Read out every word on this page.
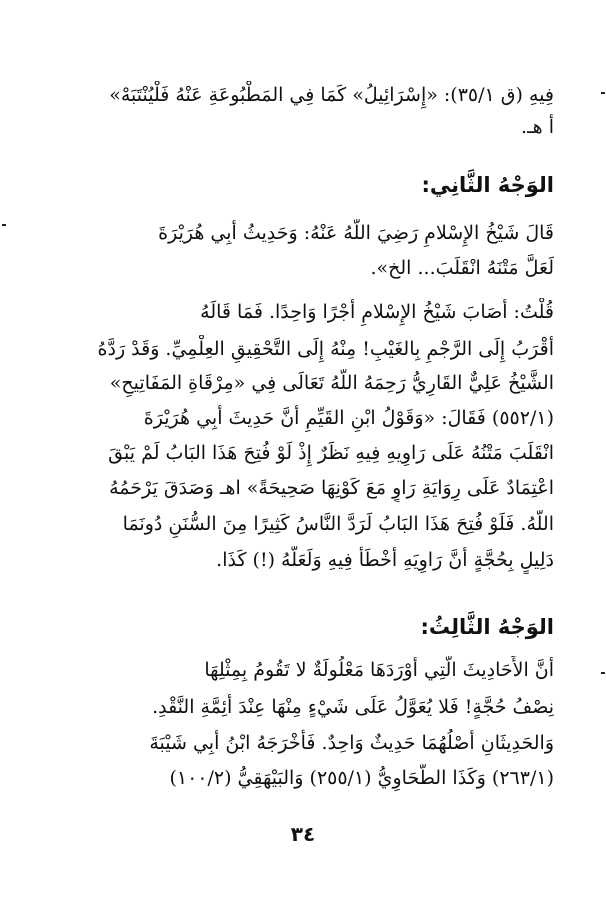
فِيهِ (ق ٣٥/١): «إِسْرَائِيلُ» كَمَا فِي المَطْبُوعَةِ عَنْهُ فَلْيُنْتَبَهْ»
أ هـ.
الوَجْهُ الثَّانِي:
قَالَ شَيْخُ الإِسْلامِ رَضِيَ اللَّهُ عَنْهُ: وَحَدِيثُ أَبِي هُرَيْرَةَ
لَعَلَّ مَتْنَهُ انْقَلَبَ... الخ».
قُلْتُ: أَصَابَ شَيْخُ الإِسْلامِ أَجْرًا وَاحِدًا. فَمَا قَالَهُ
أَقْرَبُ إِلَى الرَّجْمِ بِالغَيْبِ! مِنْهُ إِلَى التَّحْقِيقِ العِلْمِيِّ. وَقَدْ رَدَّهُ
الشَّيْخُ عَلِيٌّ القَارِيُّ رَحِمَهُ اللَّهُ تَعَالَى فِي «مِرْقَاةِ المَفَاتِيحِ»
(٥٥٢/١) فَقَالَ: «وَقَوْلُ ابْنِ القَيِّمِ أَنَّ حَدِيثَ أَبِي هُرَيْرَةَ
انْقَلَبَ مَتْنُهُ عَلَى رَاوِيهِ فِيهِ نَظَرٌ إِذْ لَوْ فُتِحَ هَذَا البَابُ لَمْ يَبْقَ
اعْتِمَادٌ عَلَى رِوَايَةِ رَاوٍ مَعَ كَوْنِهَا صَحِيحَةً» اهـ وَصَدَقَ يَرْحَمُهُ
اللَّهُ. فَلَوْ فُتِحَ هَذَا البَابُ لَرَدَّ النَّاسُ كَثِيرًا مِنَ السُّنَنِ دُونَمَا
دَلِيلٍ بِحُجَّةٍ أَنَّ رَاوِيَهِ أَخْطَأَ فِيهِ وَلَعَلَّهُ (!) كَذَا.
الوَجْهُ الثَّالِثُ:
أَنَّ الأَحَادِيثَ الَّتِي أَوْرَدَهَا مَعْلُولَةٌ لا تَقُومُ بِمِثْلِهَا
نِصْفُ حُجَّةٍ! فَلا يُعَوَّلُ عَلَى شَيْءٍ مِنْهَا عِنْدَ أَئِمَّةِ النَّقْدِ.
وَالحَدِيثَانِ أَصْلُهُمَا حَدِيثٌ وَاحِدٌ. فَأَخْرَجَهُ ابْنُ أَبِي شَيْبَةَ
(٢٦٣/١) وَكَذَا الطَّحَاوِيُّ (٢٥٥/١) وَالبَيْهَقِيُّ (١٠٠/٢)
٣٤
